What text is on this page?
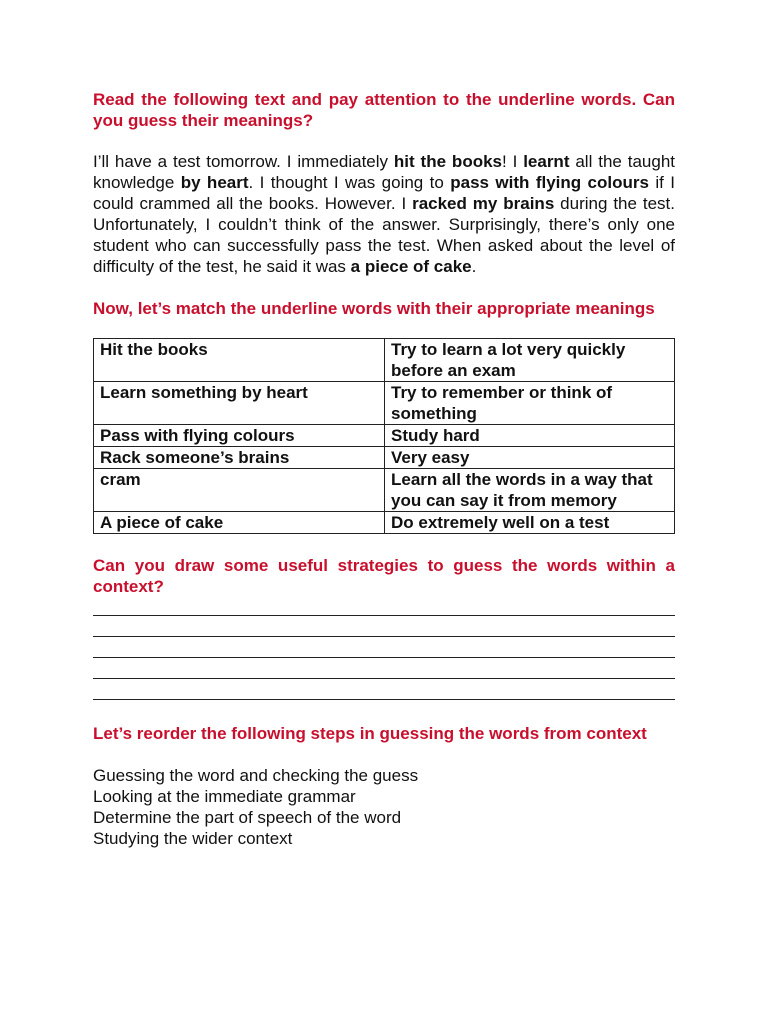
Read the following text and pay attention to the underline words. Can you guess their meanings?
I’ll have a test tomorrow. I immediately hit the books! I learnt all the taught knowledge by heart. I thought I was going to pass with flying colours if I could crammed all the books. However. I racked my brains during the test. Unfortunately, I couldn’t think of the answer. Surprisingly, there’s only one student who can successfully pass the test. When asked about the level of difficulty of the test, he said it was a piece of cake.
Now, let’s match the underline words with their appropriate meanings
Hit the books	Try to learn a lot very quickly before an exam
Learn something by heart	Try to remember or think of something
Pass with flying colours	Study hard
Rack someone’s brains	Very easy
cram	Learn all the words in a way that you can say it from memory
A piece of cake	Do extremely well on a test
Can you draw some useful strategies to guess the words within a context?
Let’s reorder the following steps in guessing the words from context
Guessing the word and checking the guess
Looking at the immediate grammar
Determine the part of speech of the word
Studying the wider context
